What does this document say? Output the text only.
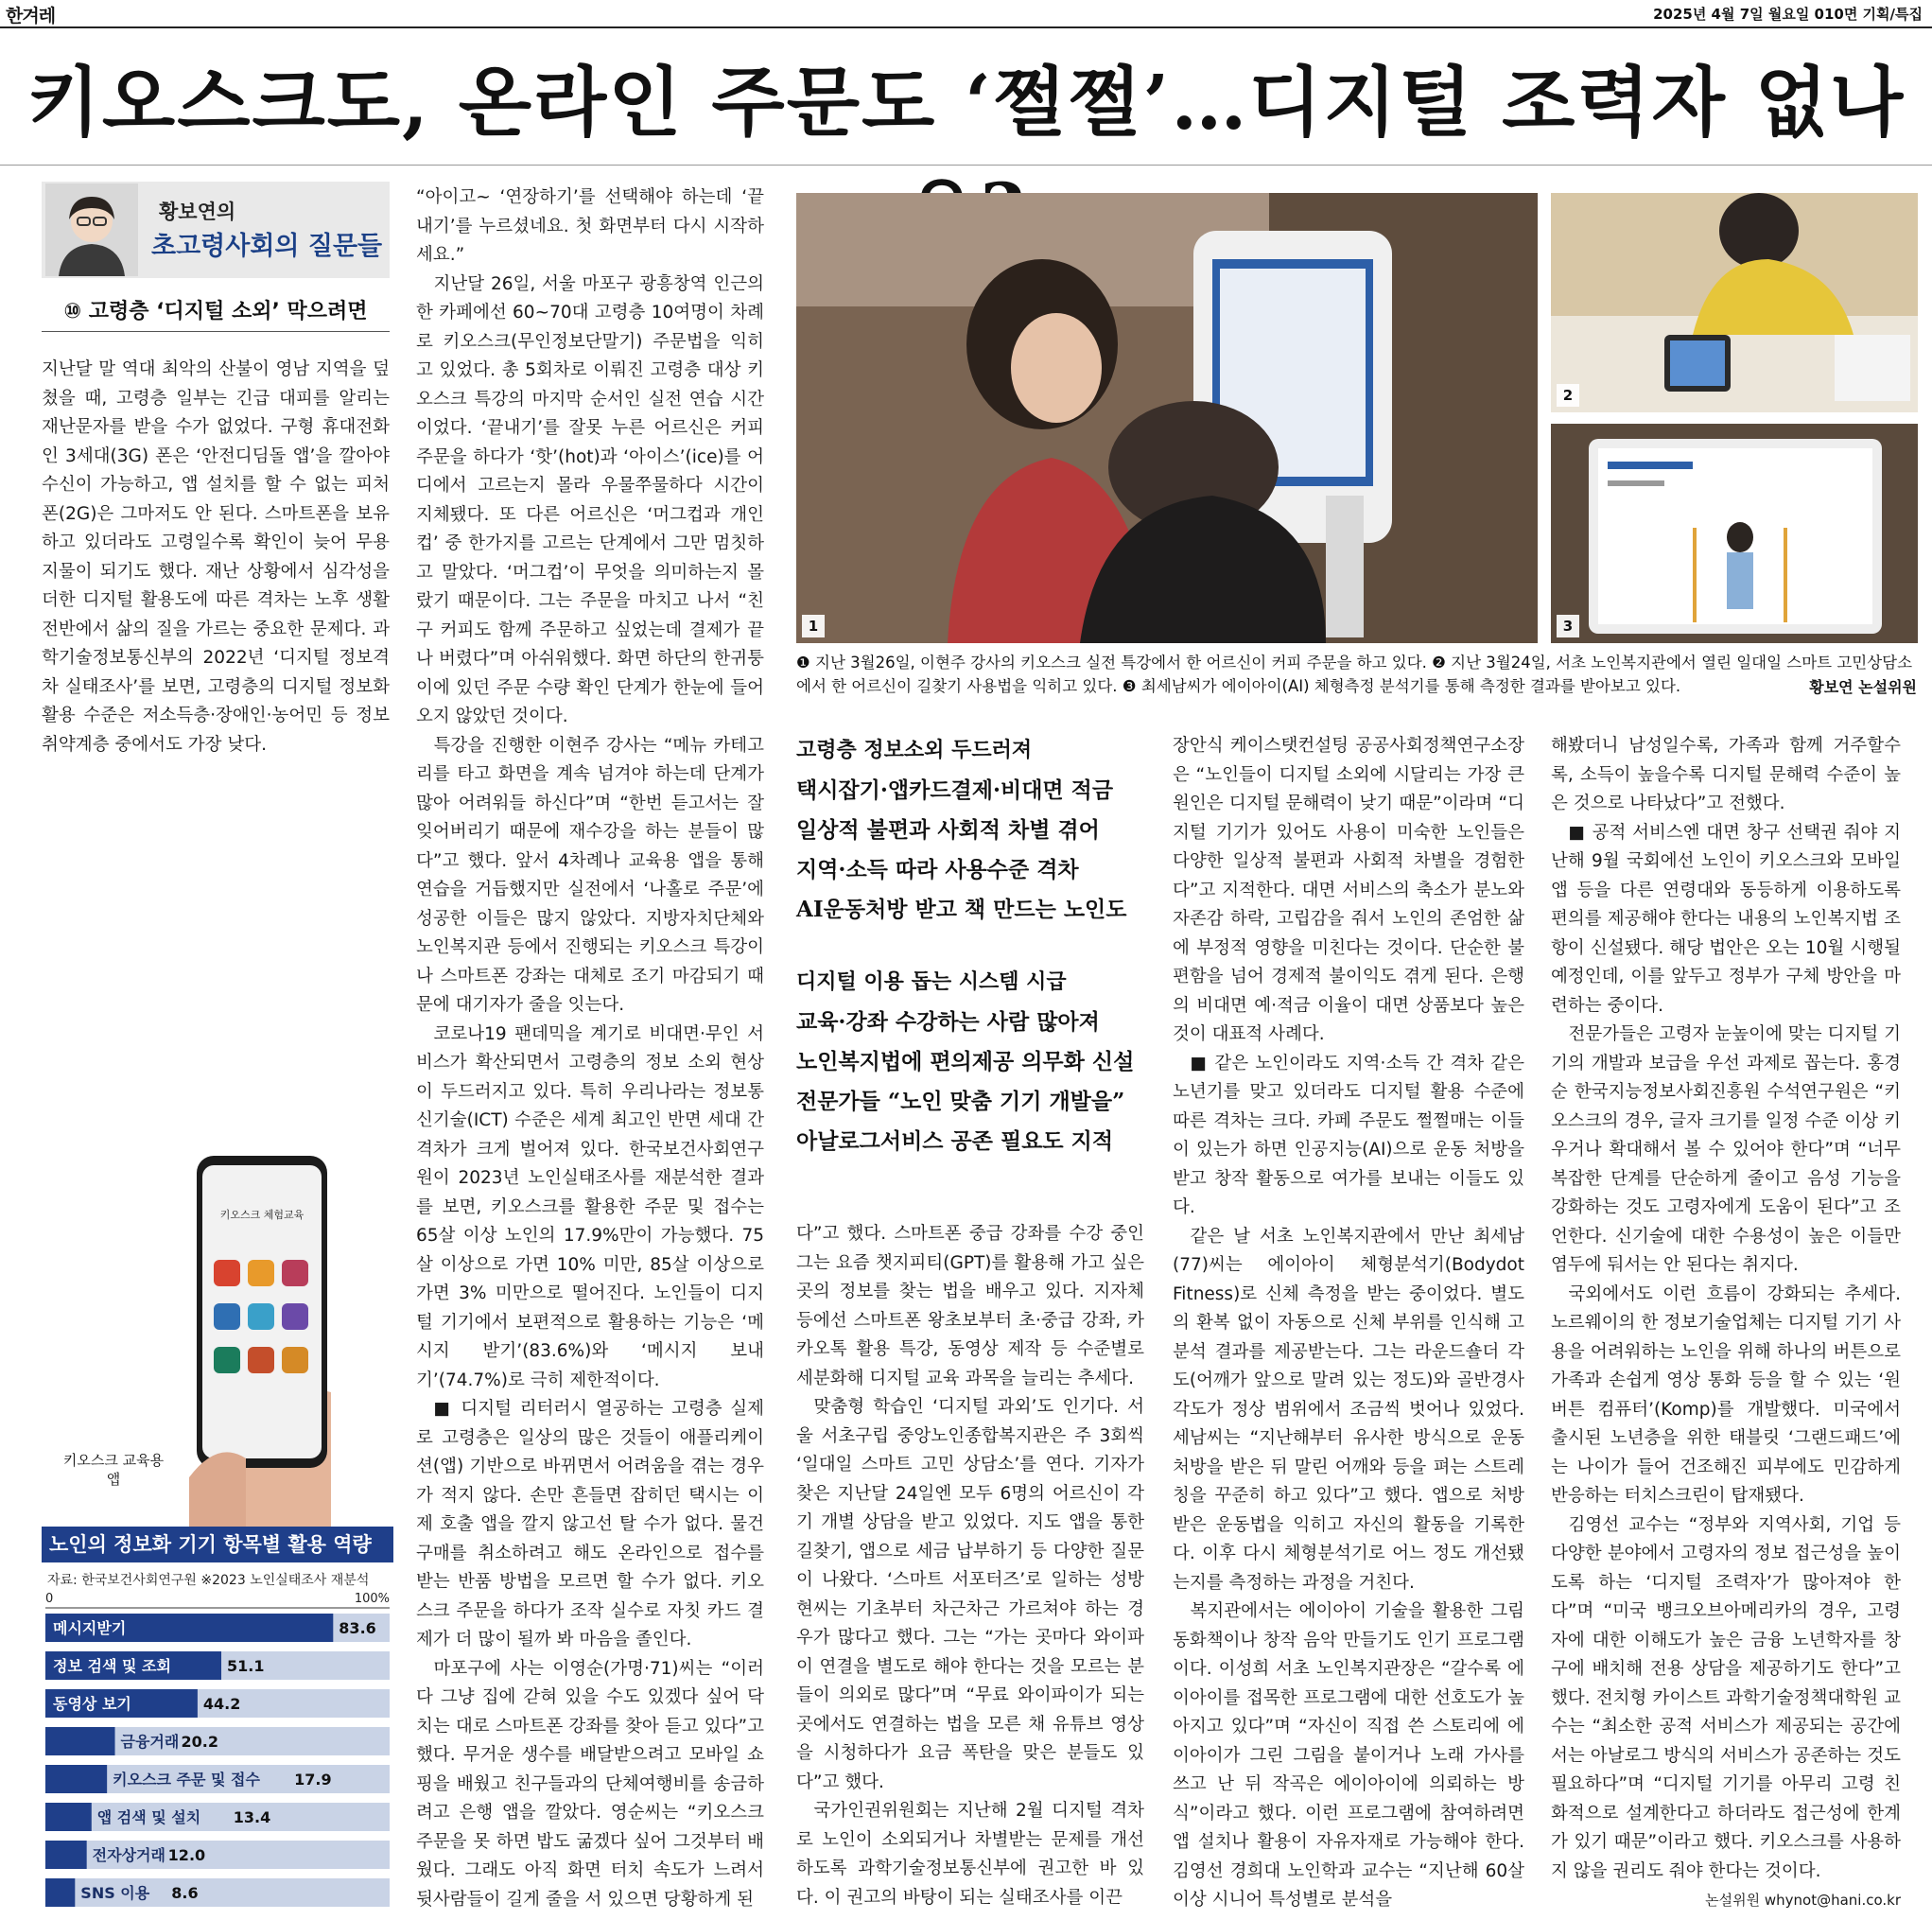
한겨레	2025년 4월 7일 월요일 010면 기획/특집
키오스크도, 온라인 주문도 ‘쩔쩔’…디지털 조력자 없나
황보연의
초고령사회의 질문들
⑩ 고령층 ‘디지털 소외’ 막으려면

지난달 말 역대 최악의 산불이 영남 지역을 덮쳤을 때, 고령층 일부는 긴급 대피를 알리는 재난문자를 받을 수가 없었다. 구형 휴대전화인 3세대(3G) 폰은 ‘안전디딤돌 앱’을 깔아야 수신이 가능하고, 앱 설치를 할 수 없는 피처폰(2G)은 그마저도 안 된다. 스마트폰을 보유하고 있더라도 고령일수록 확인이 늦어 무용지물이 되기도 했다. 재난 상황에서 심각성을 더한 디지털 활용도에 따른 격차는 노후 생활 전반에서 삶의 질을 가르는 중요한 문제다. 과학기술정보통신부의 2022년 ‘디지털 정보격차 실태조사’를 보면, 고령층의 디지털 정보화 활용 수준은 저소득층·장애인·농어민 등 정보취약계층 중에서도 가장 낮다.

키오스크 체험교육
키오스크 교육용 앱
노인의 정보화 기기 항목별 활용 역량
자료: 한국보건사회연구원 ※2023 노인실태조사 재분석
0	100%
메시지받기	83.6
정보 검색 및 조회	51.1
동영상 보기	44.2
금융거래 20.2
키오스크 주문 및 접수 17.9
앱 검색 및 설치 13.4
전자상거래 12.0
SNS 이용 8.6

“아이고~ ‘연장하기’를 선택해야 하는데 ‘끝내기’를 누르셨네요. 첫 화면부터 다시 시작하세요.”

지난달 26일, 서울 마포구 광흥창역 인근의 한 카페에선 60~70대 고령층 10여명이 차례로 키오스크(무인정보단말기) 주문법을 익히고 있었다. 총 5회차로 이뤄진 고령층 대상 키오스크 특강의 마지막 순서인 실전 연습 시간이었다. ‘끝내기’를 잘못 누른 어르신은 커피 주문을 하다가 ‘핫’(hot)과 ‘아이스’(ice)를 어디에서 고르는지 몰라 우물쭈물하다 시간이 지체됐다. 또 다른 어르신은 ‘머그컵과 개인컵’ 중 한가지를 고르는 단계에서 그만 멈칫하고 말았다. ‘머그컵’이 무엇을 의미하는지 몰랐기 때문이다. 그는 주문을 마치고 나서 “친구 커피도 함께 주문하고 싶었는데 결제가 끝나 버렸다”며 아쉬워했다. 화면 하단의 한귀퉁이에 있던 주문 수량 확인 단계가 한눈에 들어오지 않았던 것이다.

특강을 진행한 이현주 강사는 “메뉴 카테고리를 타고 화면을 계속 넘겨야 하는데 단계가 많아 어려워들 하신다”며 “한번 듣고서는 잘 잊어버리기 때문에 재수강을 하는 분들이 많다”고 했다. 앞서 4차례나 교육용 앱을 통해 연습을 거듭했지만 실전에서 ‘나홀로 주문’에 성공한 이들은 많지 않았다. 지방자치단체와 노인복지관 등에서 진행되는 키오스크 특강이나 스마트폰 강좌는 대체로 조기 마감되기 때문에 대기자가 줄을 잇는다.

코로나19 팬데믹을 계기로 비대면·무인 서비스가 확산되면서 고령층의 정보 소외 현상이 두드러지고 있다. 특히 우리나라는 정보통신기술(ICT) 수준은 세계 최고인 반면 세대 간 격차가 크게 벌어져 있다. 한국보건사회연구원이 2023년 노인실태조사를 재분석한 결과를 보면, 키오스크를 활용한 주문 및 접수는 65살 이상 노인의 17.9%만이 가능했다. 75살 이상으로 가면 10% 미만, 85살 이상으로 가면 3% 미만으로 떨어진다. 노인들이 디지털 기기에서 보편적으로 활용하는 기능은 ‘메시지 받기’(83.6%)와 ‘메시지 보내기’(74.7%)로 극히 제한적이다.

■ 디지털 리터러시 열공하는 고령층 실제로 고령층은 일상의 많은 것들이 애플리케이션(앱) 기반으로 바뀌면서 어려움을 겪는 경우가 적지 않다. 손만 흔들면 잡히던 택시는 이제 호출 앱을 깔지 않고선 탈 수가 없다. 물건 구매를 취소하려고 해도 온라인으로 접수를 받는 반품 방법을 모르면 할 수가 없다. 키오스크 주문을 하다가 조작 실수로 자칫 카드 결제가 더 많이 될까 봐 마음을 졸인다.

마포구에 사는 이영순(가명·71)씨는 “이러다 그냥 집에 갇혀 있을 수도 있겠다 싶어 닥치는 대로 스마트폰 강좌를 찾아 듣고 있다”고 했다. 무거운 생수를 배달받으려고 모바일 쇼핑을 배웠고 친구들과의 단체여행비를 송금하려고 은행 앱을 깔았다. 영순씨는 “키오스크 주문을 못 하면 밥도 굶겠다 싶어 그것부터 배웠다. 그래도 아직 화면 터치 속도가 느려서 뒷사람들이 길게 줄을 서 있으면 당황하게 된

1
2
3
❶ 지난 3월26일, 이현주 강사의 키오스크 실전 특강에서 한 어르신이 커피 주문을 하고 있다. ❷ 지난 3월24일, 서초 노인복지관에서 열린 일대일 스마트 고민상담소에서 한 어르신이 길찾기 사용법을 익히고 있다. ❸ 최세남씨가 에이아이(AI) 체형측정 분석기를 통해 측정한 결과를 받아보고 있다.	황보연 논설위원
고령층 정보소외 두드러져
택시잡기·앱카드결제·비대면 적금
일상적 불편과 사회적 차별 겪어
지역·소득 따라 사용수준 격차
AI운동처방 받고 책 만드는 노인도
디지털 이용 돕는 시스템 시급
교육·강좌 수강하는 사람 많아져
노인복지법에 편의제공 의무화 신설
전문가들 “노인 맞춤 기기 개발을”
아날로그서비스 공존 필요도 지적

다”고 했다. 스마트폰 중급 강좌를 수강 중인 그는 요즘 챗지피티(GPT)를 활용해 가고 싶은 곳의 정보를 찾는 법을 배우고 있다. 지자체 등에선 스마트폰 왕초보부터 초·중급 강좌, 카카오톡 활용 특강, 동영상 제작 등 수준별로 세분화해 디지털 교육 과목을 늘리는 추세다.

맞춤형 학습인 ‘디지털 과외’도 인기다. 서울 서초구립 중앙노인종합복지관은 주 3회씩 ‘일대일 스마트 고민 상담소’를 연다. 기자가 찾은 지난달 24일엔 모두 6명의 어르신이 각기 개별 상담을 받고 있었다. 지도 앱을 통한 길찾기, 앱으로 세금 납부하기 등 다양한 질문이 나왔다. ‘스마트 서포터즈’로 일하는 성방현씨는 기초부터 차근차근 가르쳐야 하는 경우가 많다고 했다. 그는 “가는 곳마다 와이파이 연결을 별도로 해야 한다는 것을 모르는 분들이 의외로 많다”며 “무료 와이파이가 되는 곳에서도 연결하는 법을 모른 채 유튜브 영상을 시청하다가 요금 폭탄을 맞은 분들도 있다”고 했다.

국가인권위원회는 지난해 2월 디지털 격차로 노인이 소외되거나 차별받는 문제를 개선하도록 과학기술정보통신부에 권고한 바 있다. 이 권고의 바탕이 되는 실태조사를 이끈

장안식 케이스탯컨설팅 공공사회정책연구소장은 “노인들이 디지털 소외에 시달리는 가장 큰 원인은 디지털 문해력이 낮기 때문”이라며 “디지털 기기가 있어도 사용이 미숙한 노인들은 다양한 일상적 불편과 사회적 차별을 경험한다”고 지적한다. 대면 서비스의 축소가 분노와 자존감 하락, 고립감을 줘서 노인의 존엄한 삶에 부정적 영향을 미친다는 것이다. 단순한 불편함을 넘어 경제적 불이익도 겪게 된다. 은행의 비대면 예·적금 이율이 대면 상품보다 높은 것이 대표적 사례다.

■ 같은 노인이라도 지역·소득 간 격차 같은 노년기를 맞고 있더라도 디지털 활용 수준에 따른 격차는 크다. 카페 주문도 쩔쩔매는 이들이 있는가 하면 인공지능(AI)으로 운동 처방을 받고 창작 활동으로 여가를 보내는 이들도 있다.

같은 날 서초 노인복지관에서 만난 최세남(77)씨는 에이아이 체형분석기(Bodydot Fitness)로 신체 측정을 받는 중이었다. 별도의 환복 없이 자동으로 신체 부위를 인식해 고 분석 결과를 제공받는다. 그는 라운드숄더 각도(어깨가 앞으로 말려 있는 정도)와 골반경사 각도가 정상 범위에서 조금씩 벗어나 있었다. 세남씨는 “지난해부터 유사한 방식으로 운동 처방을 받은 뒤 말린 어깨와 등을 펴는 스트레칭을 꾸준히 하고 있다”고 했다. 앱으로 처방받은 운동법을 익히고 자신의 활동을 기록한다. 이후 다시 체형분석기로 어느 정도 개선됐는지를 측정하는 과정을 거친다.

복지관에서는 에이아이 기술을 활용한 그림 동화책이나 창작 음악 만들기도 인기 프로그램이다. 이성희 서초 노인복지관장은 “갈수록 에이아이를 접목한 프로그램에 대한 선호도가 높아지고 있다”며 “자신이 직접 쓴 스토리에 에이아이가 그린 그림을 붙이거나 노래 가사를 쓰고 난 뒤 작곡은 에이아이에 의뢰하는 방식”이라고 했다. 이런 프로그램에 참여하려면 앱 설치나 활용이 자유자재로 가능해야 한다. 김영선 경희대 노인학과 교수는 “지난해 60살 이상 시니어 특성별로 분석을

해봤더니 남성일수록, 가족과 함께 거주할수록, 소득이 높을수록 디지털 문해력 수준이 높은 것으로 나타났다”고 전했다.

■ 공적 서비스엔 대면 창구 선택권 줘야 지난해 9월 국회에선 노인이 키오스크와 모바일 앱 등을 다른 연령대와 동등하게 이용하도록 편의를 제공해야 한다는 내용의 노인복지법 조항이 신설됐다. 해당 법안은 오는 10월 시행될 예정인데, 이를 앞두고 정부가 구체 방안을 마련하는 중이다.

전문가들은 고령자 눈높이에 맞는 디지털 기기의 개발과 보급을 우선 과제로 꼽는다. 홍경순 한국지능정보사회진흥원 수석연구원은 “키오스크의 경우, 글자 크기를 일정 수준 이상 키우거나 확대해서 볼 수 있어야 한다”며 “너무 복잡한 단계를 단순하게 줄이고 음성 기능을 강화하는 것도 고령자에게 도움이 된다”고 조언한다. 신기술에 대한 수용성이 높은 이들만 염두에 둬서는 안 된다는 취지다.

국외에서도 이런 흐름이 강화되는 추세다. 노르웨이의 한 정보기술업체는 디지털 기기 사용을 어려워하는 노인을 위해 하나의 버튼으로 가족과 손쉽게 영상 통화 등을 할 수 있는 ‘원 버튼 컴퓨터’(Komp)를 개발했다. 미국에서 출시된 노년층을 위한 태블릿 ‘그랜드패드’에는 나이가 들어 건조해진 피부에도 민감하게 반응하는 터치스크린이 탑재됐다.

김영선 교수는 “정부와 지역사회, 기업 등 다양한 분야에서 고령자의 정보 접근성을 높이도록 하는 ‘디지털 조력자’가 많아져야 한다”며 “미국 뱅크오브아메리카의 경우, 고령자에 대한 이해도가 높은 금융 노년학자를 창구에 배치해 전용 상담을 제공하기도 한다”고 했다. 전치형 카이스트 과학기술정책대학원 교수는 “최소한 공적 서비스가 제공되는 공간에서는 아날로그 방식의 서비스가 공존하는 것도 필요하다”며 “디지털 기기를 아무리 고령 친화적으로 설계한다고 하더라도 접근성에 한계가 있기 때문”이라고 했다. 키오스크를 사용하지 않을 권리도 줘야 한다는 것이다.

논설위원 whynot@hani.co.kr
